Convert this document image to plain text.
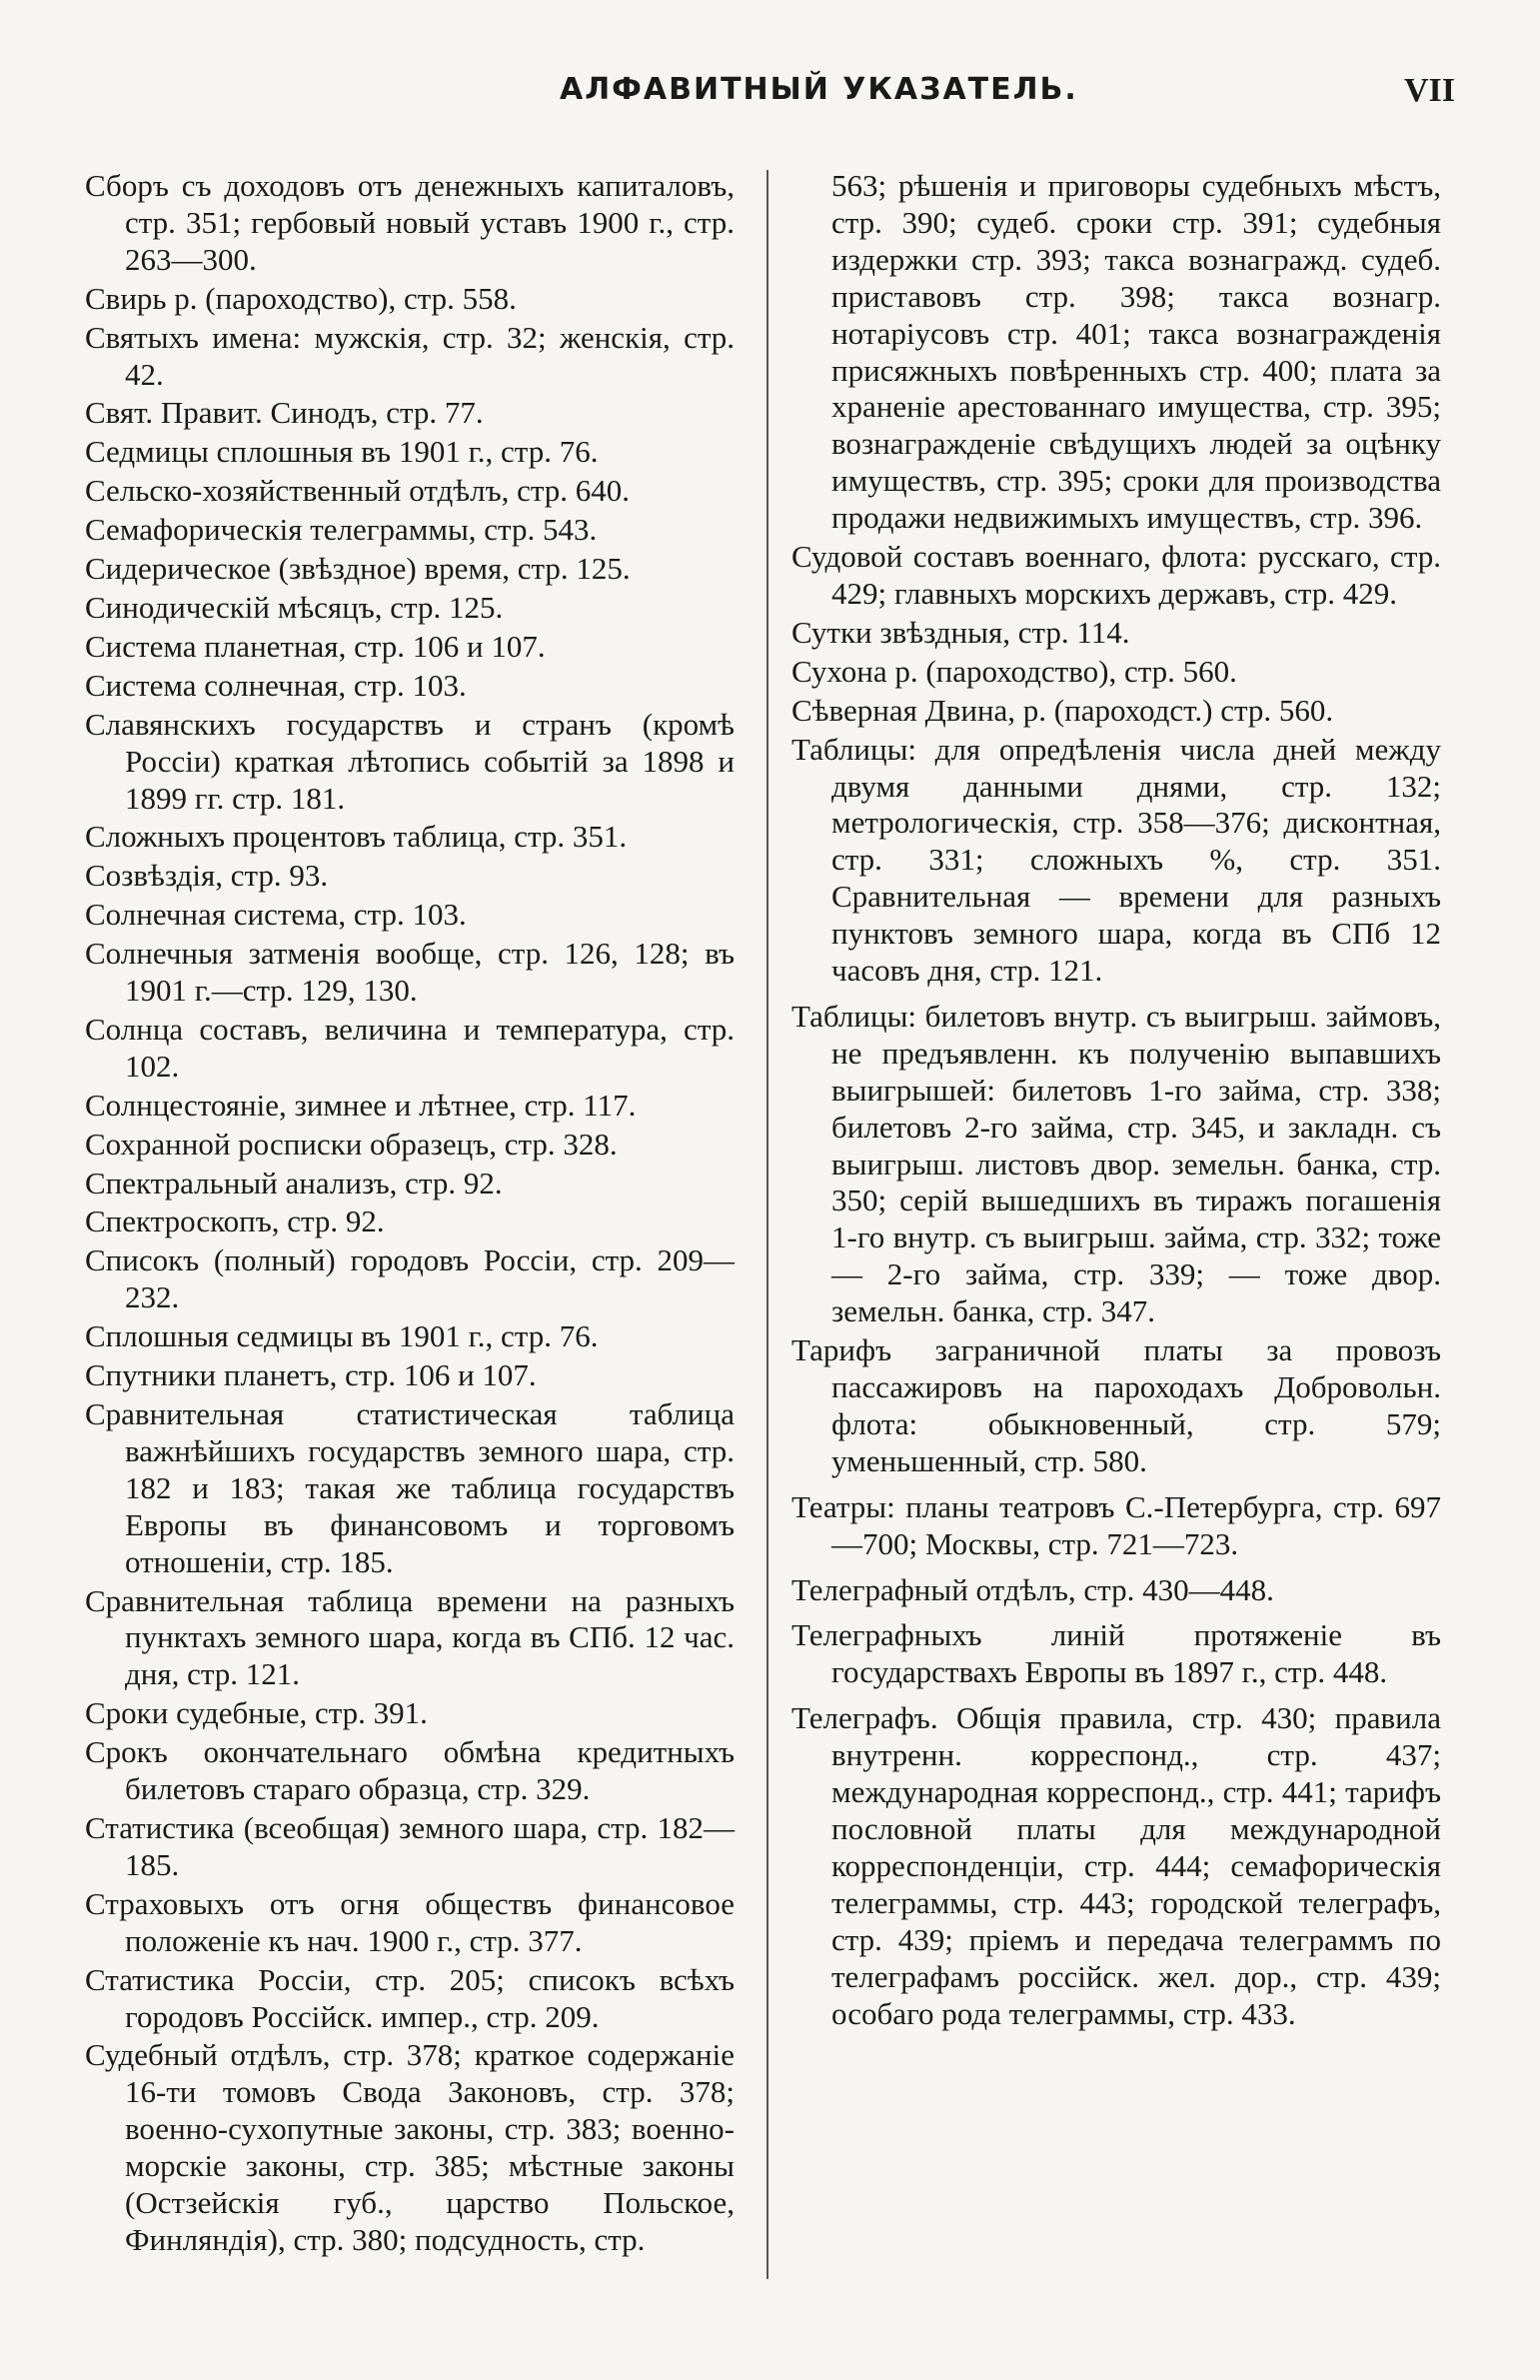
АЛФАВИТНЫЙ УКАЗАТЕЛЬ.	VII
Сборъ съ доходовъ отъ денежныхъ капиталовъ, стр. 351; гербовый новый уставъ 1900 г., стр. 263—300.
Свирь р. (пароходство), стр. 558.
Святыхъ имена: мужскія, стр. 32; женскія, стр. 42.
Свят. Правит. Синодъ, стр. 77.
Седмицы сплошныя въ 1901 г., стр. 76.
Сельско-хозяйственный отдѣлъ, стр. 640.
Семафорическія телеграммы, стр. 543.
Сидерическое (звѣздное) время, стр. 125.
Синодическій мѣсяцъ, стр. 125.
Система планетная, стр. 106 и 107.
Система солнечная, стр. 103.
Славянскихъ государствъ и странъ (кромѣ Россіи) краткая лѣтопись событій за 1898 и 1899 гг. стр. 181.
Сложныхъ процентовъ таблица, стр. 351.
Созвѣздія, стр. 93.
Солнечная система, стр. 103.
Солнечныя затменія вообще, стр. 126, 128; въ 1901 г.—стр. 129, 130.
Солнца составъ, величина и температура, стр. 102.
Солнцестояніе, зимнее и лѣтнее, стр. 117.
Сохранной росписки образецъ, стр. 328.
Спектральный анализъ, стр. 92.
Спектроскопъ, стр. 92.
Списокъ (полный) городовъ Россіи, стр. 209—232.
Сплошныя седмицы въ 1901 г., стр. 76.
Спутники планетъ, стр. 106 и 107.
Сравнительная статистическая таблица важнѣйшихъ государствъ земного шара, стр. 182 и 183; такая же таблица государствъ Европы въ финансовомъ и торговомъ отношеніи, стр. 185.
Сравнительная таблица времени на разныхъ пунктахъ земного шара, когда въ СПб. 12 час. дня, стр. 121.
Сроки судебные, стр. 391.
Срокъ окончательнаго обмѣна кредитныхъ билетовъ стараго образца, стр. 329.
Статистика (всеобщая) земного шара, стр. 182—185.
Страховыхъ отъ огня обществъ финансовое положеніе къ нач. 1900 г., стр. 377.
Статистика Россіи, стр. 205; списокъ всѣхъ городовъ Россійск. импер., стр. 209.
Судебный отдѣлъ, стр. 378; краткое содержаніе 16-ти томовъ Свода Законовъ, стр. 378; военно-сухопутные законы, стр. 383; военно-морскіе законы, стр. 385; мѣстные законы (Остзейскія губ., царство Польское, Финляндія), стр. 380; подсудность, стр.
563; рѣшенія и приговоры судебныхъ мѣстъ, стр. 390; судеб. сроки стр. 391; судебныя издержки стр. 393; такса вознагражд. судеб. приставовъ стр. 398; такса вознагр. нотаріусовъ стр. 401; такса вознагражденія присяжныхъ повѣренныхъ стр. 400; плата за храненіе арестованнаго имущества, стр. 395; вознагражденіе свѣдущихъ людей за оцѣнку имуществъ, стр. 395; сроки для производства продажи недвижимыхъ имуществъ, стр. 396.
Судовой составъ военнаго, флота: русскаго, стр. 429; главныхъ морскихъ державъ, стр. 429.
Сутки звѣздныя, стр. 114.
Сухона р. (пароходство), стр. 560.
Сѣверная Двина, р. (пароходст.) стр. 560.
Таблицы: для опредѣленія числа дней между двумя данными днями, стр. 132; метрологическія, стр. 358—376; дисконтная, стр. 331; сложныхъ %, стр. 351. Сравнительная — времени для разныхъ пунктовъ земного шара, когда въ СПб 12 часовъ дня, стр. 121.
Таблицы: билетовъ внутр. съ выигрыш. займовъ, не предъявленн. къ полученію выпавшихъ выигрышей: билетовъ 1-го займа, стр. 338; билетовъ 2-го займа, стр. 345, и закладн. съ выигрыш. листовъ двор. земельн. банка, стр. 350; серій вышедшихъ въ тиражъ погашенія 1-го внутр. съ выигрыш. займа, стр. 332; тоже — 2-го займа, стр. 339; — тоже двор. земельн. банка, стр. 347.
Тарифъ заграничной платы за провозъ пассажировъ на пароходахъ Добровольн. флота: обыкновенный, стр. 579; уменьшенный, стр. 580.
Театры: планы театровъ С.-Петербурга, стр. 697—700; Москвы, стр. 721—723.
Телеграфный отдѣлъ, стр. 430—448.
Телеграфныхъ линій протяженіе въ государствахъ Европы въ 1897 г., стр. 448.
Телеграфъ. Общія правила, стр. 430; правила внутренн. корреспонд., стр. 437; международная корреспонд., стр. 441; тарифъ пословной платы для международной корреспонденціи, стр. 444; семафорическія телеграммы, стр. 443; городской телеграфъ, стр. 439; пріемъ и передача телеграммъ по телеграфамъ россійск. жел. дор., стр. 439; особаго рода телеграммы, стр. 433.
